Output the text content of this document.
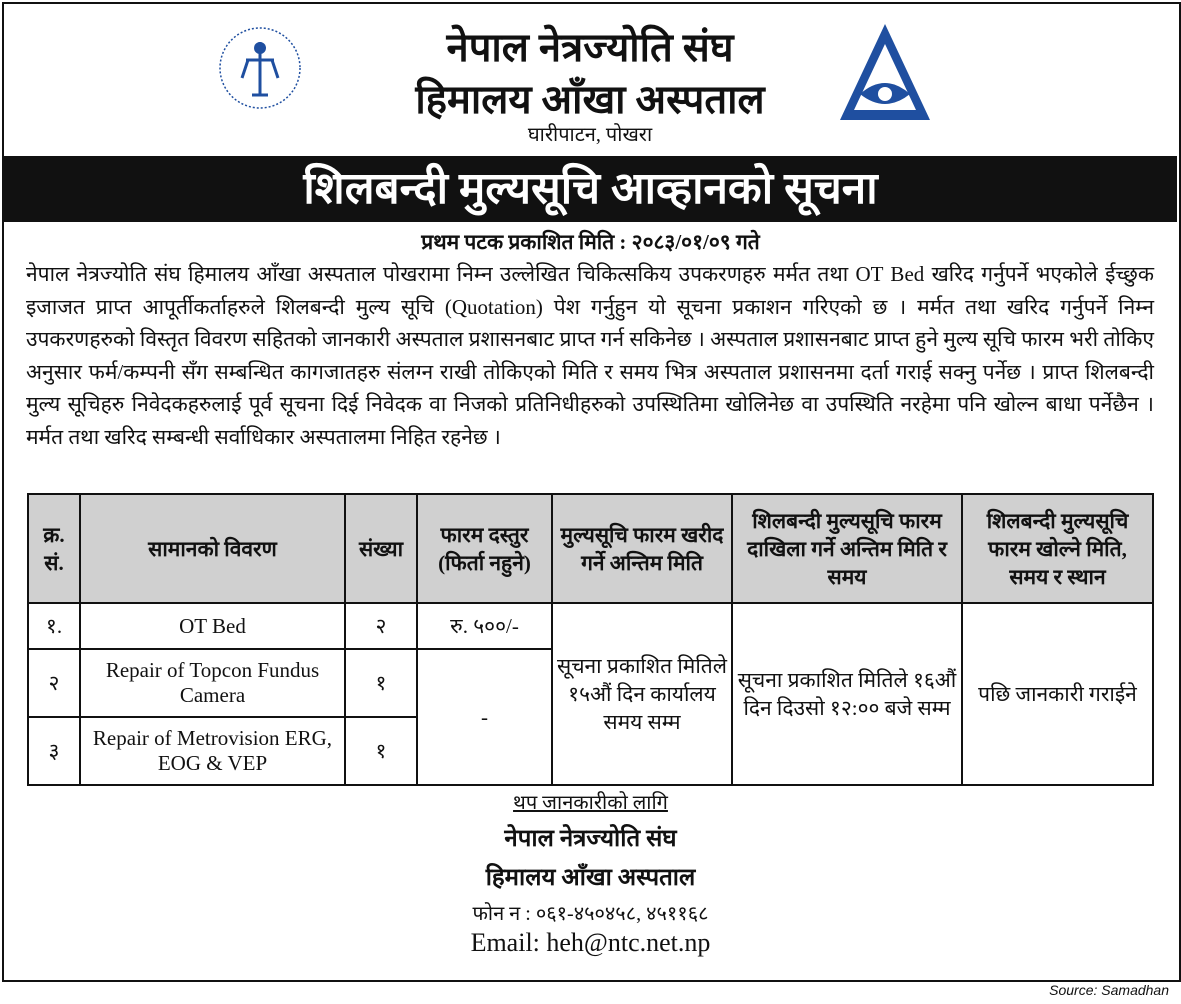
नेपाल नेत्रज्योति संघ
हिमालय आँखा अस्पताल
घारीपाटन, पोखरा
शिलबन्दी मुल्यसूचि आव्हानको सूचना
प्रथम पटक प्रकाशित मिति : २०८३/०१/०९ गते
नेपाल नेत्रज्योति संघ हिमालय आँखा अस्पताल पोखरामा निम्न उल्लेखित चिकित्सकिय उपकरणहरु मर्मत तथा OT Bed खरिद गर्नुपर्ने भएकोले ईच्छुक इजाजत प्राप्त आपूर्तीकर्ताहरुले शिलबन्दी मुल्य सूचि (Quotation) पेश गर्नुहुन यो सूचना प्रकाशन गरिएको छ । मर्मत तथा खरिद गर्नुपर्ने निम्न उपकरणहरुको विस्तृत विवरण सहितको जानकारी अस्पताल प्रशासनबाट प्राप्त गर्न सकिनेछ । अस्पताल प्रशासनबाट प्राप्त हुने मुल्य सूचि फारम भरी तोकिए अनुसार फर्म/कम्पनी सँग सम्बन्धित कागजातहरु संलग्न राखी तोकिएको मिति र समय भित्र अस्पताल प्रशासनमा दर्ता गराई सक्नु पर्नेछ । प्राप्त शिलबन्दी मुल्य सूचिहरु निवेदकहरुलाई पूर्व सूचना दिई निवेदक वा निजको प्रतिनिधीहरुको उपस्थितिमा खोलिनेछ वा उपस्थिति नरहेमा पनि खोल्न बाधा पर्नेछैन । मर्मत तथा खरिद सम्बन्धी सर्वाधिकार अस्पतालमा निहित रहनेछ ।
क्र. सं.	सामानको विवरण	संख्या	फारम दस्तुर (फिर्ता नहुने)	मुल्यसूचि फारम खरीद गर्ने अन्तिम मिति	शिलबन्दी मुल्यसूचि फारम दाखिला गर्ने अन्तिम मिति र समय	शिलबन्दी मुल्यसूचि फारम खोल्ने मिति, समय र स्थान
१.	OT Bed	२	रु. ५००/-	सूचना प्रकाशित मितिले १५औं दिन कार्यालय समय सम्म	सूचना प्रकाशित मितिले १६औं दिन दिउसो १२:०० बजे सम्म	पछि जानकारी गराईने
२	Repair of Topcon Fundus Camera	१	-			
३	Repair of Metrovision ERG, EOG & VEP	१				
थप जानकारीको लागि
नेपाल नेत्रज्योति संघ
हिमालय आँखा अस्पताल
फोन न : ०६१-४५०४५८, ४५११६८
Email: heh@ntc.net.np
Source: Samadhan
